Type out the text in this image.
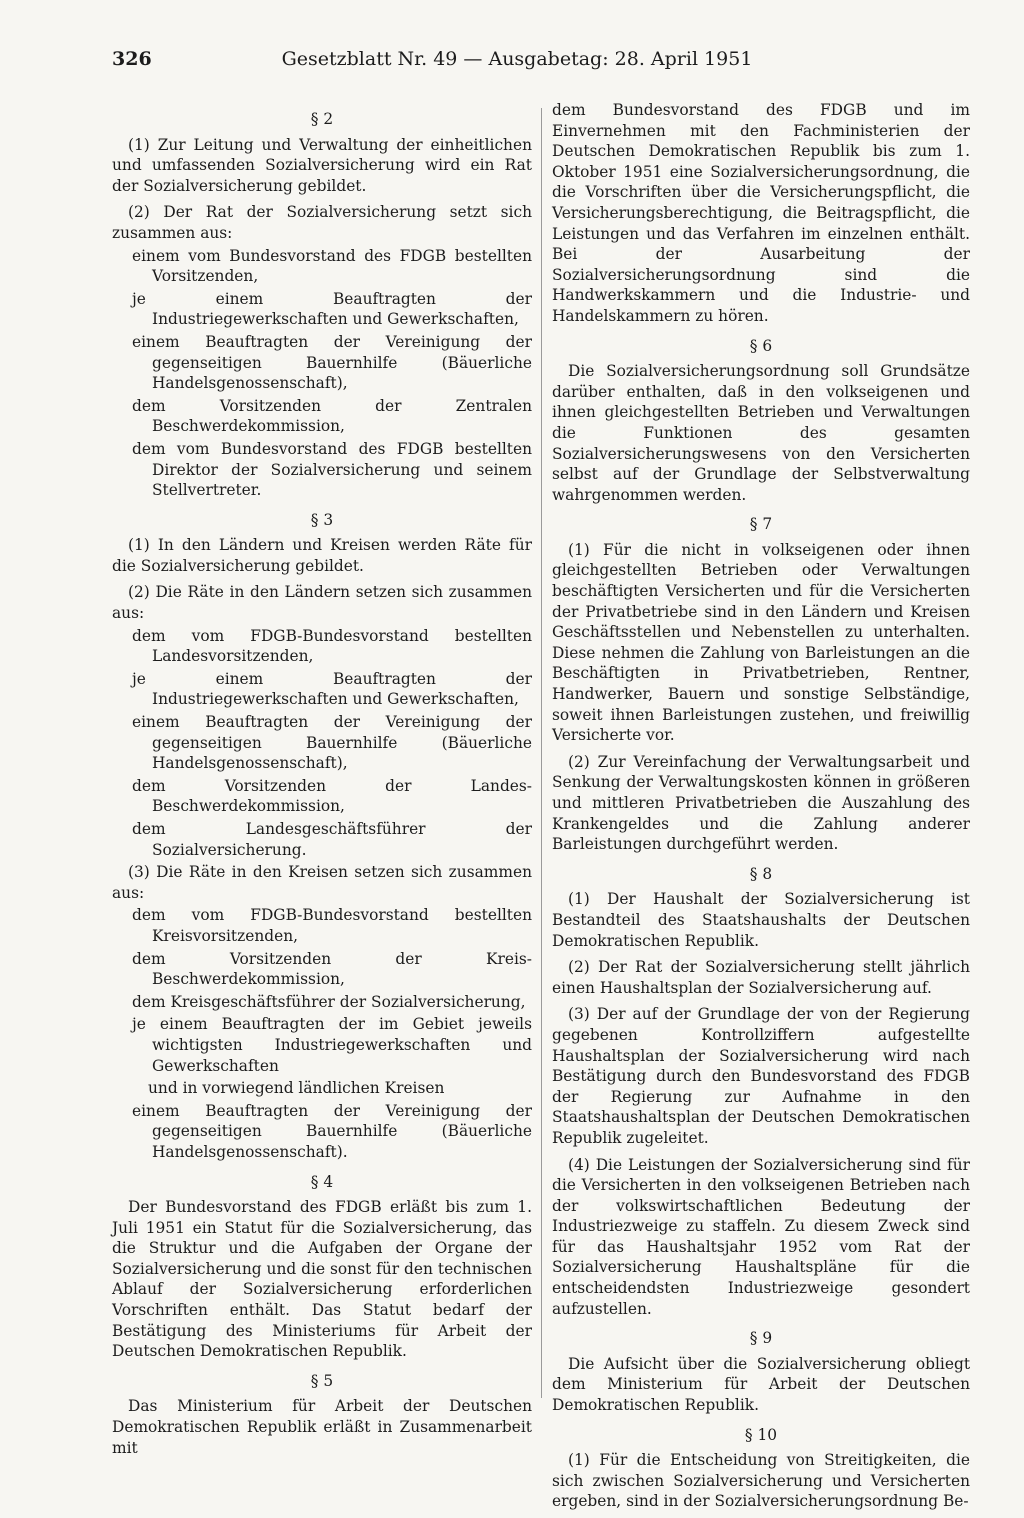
326	Gesetzblatt Nr. 49 — Ausgabetag: 28. April 1951
§ 2

(1) Zur Leitung und Verwaltung der einheitlichen und umfassenden Sozialversicherung wird ein Rat der Sozialversicherung gebildet.

(2) Der Rat der Sozialversicherung setzt sich zusammen aus:

einem vom Bundesvorstand des FDGB bestellten Vorsitzenden,

je einem Beauftragten der Industriegewerkschaften und Gewerkschaften,

einem Beauftragten der Vereinigung der gegenseitigen Bauernhilfe (Bäuerliche Handelsgenossenschaft),

dem Vorsitzenden der Zentralen Beschwerdekommission,

dem vom Bundesvorstand des FDGB bestellten Direktor der Sozialversicherung und seinem Stellvertreter.

§ 3

(1) In den Ländern und Kreisen werden Räte für die Sozialversicherung gebildet.

(2) Die Räte in den Ländern setzen sich zusammen aus:

dem vom FDGB-Bundesvorstand bestellten Landesvorsitzenden,

je einem Beauftragten der Industriegewerkschaften und Gewerkschaften,

einem Beauftragten der Vereinigung der gegenseitigen Bauernhilfe (Bäuerliche Handelsgenossenschaft),

dem Vorsitzenden der Landes-Beschwerdekommission,

dem Landesgeschäftsführer der Sozialversicherung.

(3) Die Räte in den Kreisen setzen sich zusammen aus:

dem vom FDGB-Bundesvorstand bestellten Kreisvorsitzenden,

dem Vorsitzenden der Kreis-Beschwerdekommission,

dem Kreisgeschäftsführer der Sozialversicherung,

je einem Beauftragten der im Gebiet jeweils wichtigsten Industriegewerkschaften und Gewerkschaften

und in vorwiegend ländlichen Kreisen

einem Beauftragten der Vereinigung der gegenseitigen Bauernhilfe (Bäuerliche Handelsgenossenschaft).

§ 4

Der Bundesvorstand des FDGB erläßt bis zum 1. Juli 1951 ein Statut für die Sozialversicherung, das die Struktur und die Aufgaben der Organe der Sozialversicherung und die sonst für den technischen Ablauf der Sozialversicherung erforderlichen Vorschriften enthält. Das Statut bedarf der Bestätigung des Ministeriums für Arbeit der Deutschen Demokratischen Republik.

§ 5

Das Ministerium für Arbeit der Deutschen Demokratischen Republik erläßt in Zusammenarbeit mit

dem Bundesvorstand des FDGB und im Einvernehmen mit den Fachministerien der Deutschen Demokratischen Republik bis zum 1. Oktober 1951 eine Sozialversicherungsordnung, die die Vorschriften über die Versicherungspflicht, die Versicherungsberechtigung, die Beitragspflicht, die Leistungen und das Verfahren im einzelnen enthält. Bei der Ausarbeitung der Sozialversicherungsordnung sind die Handwerkskammern und die Industrie- und Handelskammern zu hören.

§ 6

Die Sozialversicherungsordnung soll Grundsätze darüber enthalten, daß in den volkseigenen und ihnen gleichgestellten Betrieben und Verwaltungen die Funktionen des gesamten Sozialversicherungswesens von den Versicherten selbst auf der Grundlage der Selbstverwaltung wahrgenommen werden.

§ 7

(1) Für die nicht in volkseigenen oder ihnen gleichgestellten Betrieben oder Verwaltungen beschäftigten Versicherten und für die Versicherten der Privatbetriebe sind in den Ländern und Kreisen Geschäftsstellen und Nebenstellen zu unterhalten. Diese nehmen die Zahlung von Barleistungen an die Beschäftigten in Privatbetrieben, Rentner, Handwerker, Bauern und sonstige Selbständige, soweit ihnen Barleistungen zustehen, und freiwillig Versicherte vor.

(2) Zur Vereinfachung der Verwaltungsarbeit und Senkung der Verwaltungskosten können in größeren und mittleren Privatbetrieben die Auszahlung des Krankengeldes und die Zahlung anderer Barleistungen durchgeführt werden.

§ 8

(1) Der Haushalt der Sozialversicherung ist Bestandteil des Staatshaushalts der Deutschen Demokratischen Republik.

(2) Der Rat der Sozialversicherung stellt jährlich einen Haushaltsplan der Sozialversicherung auf.

(3) Der auf der Grundlage der von der Regierung gegebenen Kontrollziffern aufgestellte Haushaltsplan der Sozialversicherung wird nach Bestätigung durch den Bundesvorstand des FDGB der Regierung zur Aufnahme in den Staatshaushaltsplan der Deutschen Demokratischen Republik zugeleitet.

(4) Die Leistungen der Sozialversicherung sind für die Versicherten in den volkseigenen Betrieben nach der volkswirtschaftlichen Bedeutung der Industriezweige zu staffeln. Zu diesem Zweck sind für das Haushaltsjahr 1952 vom Rat der Sozialversicherung Haushaltspläne für die entscheidendsten Industriezweige gesondert aufzustellen.

§ 9

Die Aufsicht über die Sozialversicherung obliegt dem Ministerium für Arbeit der Deutschen Demokratischen Republik.

§ 10

(1) Für die Entscheidung von Streitigkeiten, die sich zwischen Sozialversicherung und Versicherten ergeben, sind in der Sozialversicherungsordnung Be-
